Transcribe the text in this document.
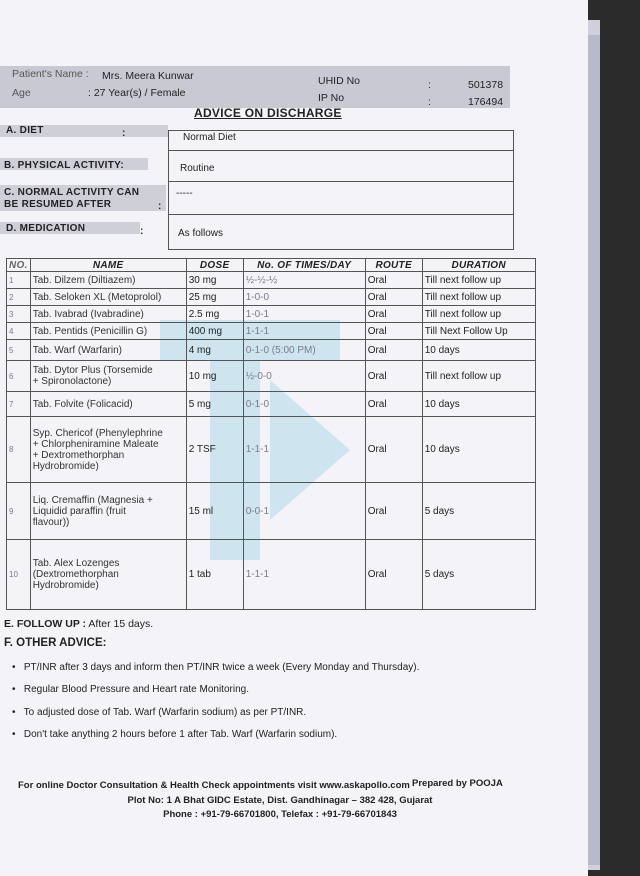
Patient's Name : Mrs. Meera Kunwar
Age	: 27 Year(s) / Female
UHID No	:	501378
IP No	:	176494
ADVICE ON DISCHARGE
A. DIET	:	Normal Diet
B. PHYSICAL ACTIVITY:	Routine
C. NORMAL ACTIVITY CAN
BE RESUMED AFTER	:
-----
D. MEDICATION	:	As follows
NO.	NAME	DOSE	No. OF TIMES/DAY	ROUTE	DURATION
1	Tab. Dilzem (Diltiazem)	30 mg	½-½-½	Oral	Till next follow up
2	Tab. Seloken XL (Metoprolol)	25 mg	1-0-0	Oral	Till next follow up
3	Tab. Ivabrad (Ivabradine)	2.5 mg	1-0-1	Oral	Till next follow up
4	Tab. Pentids (Penicillin G)	400 mg	1-1-1	Oral	Till Next Follow Up
5	Tab. Warf (Warfarin)	4 mg	0-1-0 (5:00 PM)	Oral	10 days
6	Tab. Dytor Plus (Torsemide
+ Spironolactone)	10 mg	½-0-0	Oral	Till next follow up
7	Tab. Folvite (Folicacid)	5 mg	0-1-0	Oral	10 days
8	Syp. Chericof (Phenylephrine
+ Chlorpheniramine Maleate
+ Dextromethorphan
Hydrobromide)	2 TSF	1-1-1	Oral	10 days
9	Liq. Cremaffin (Magnesia +
Liquidid paraffin (fruit
flavour))	15 ml	0-0-1	Oral	5 days
10	Tab. Alex Lozenges
(Dextromethorphan
Hydrobromide)	1 tab	1-1-1	Oral	5 days
E. FOLLOW UP : After 15 days.
F. OTHER ADVICE:
• PT/INR after 3 days and inform then PT/INR twice a week (Every Monday and Thursday).
• Regular Blood Pressure and Heart rate Monitoring.
• To adjusted dose of Tab. Warf (Warfarin sodium) as per PT/INR.
• Don't take anything 2 hours before 1 after Tab. Warf (Warfarin sodium).
Prepared by POOJA
For online Doctor Consultation & Health Check appointments visit www.askapollo.com
Plot No: 1 A Bhat GIDC Estate, Dist. Gandhinagar – 382 428, Gujarat
Phone : +91-79-66701800, Telefax : +91-79-66701843
